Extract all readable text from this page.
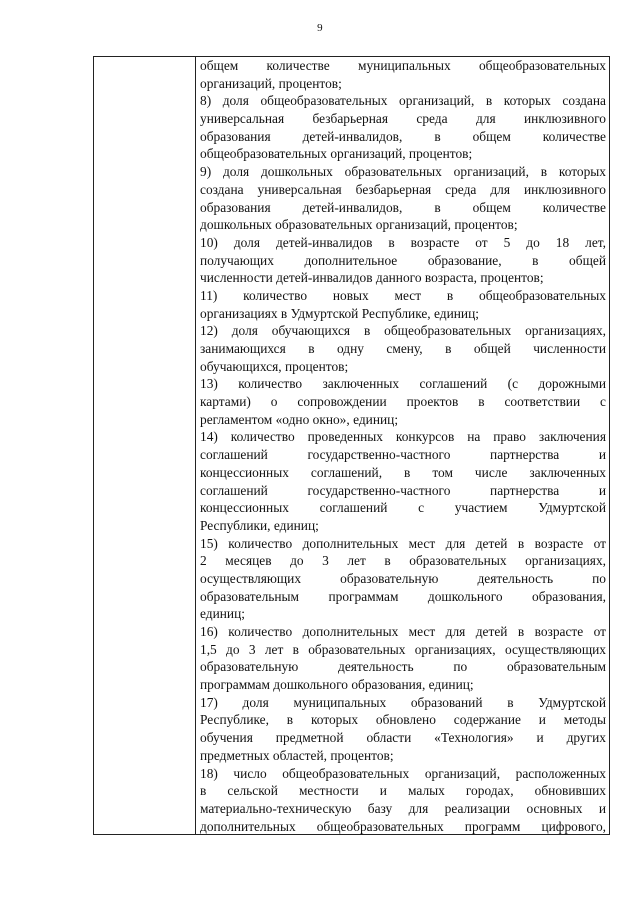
9
общем количестве муниципальных общеобразовательных
организаций, процентов;
8) доля общеобразовательных организаций, в которых создана
универсальная безбарьерная среда для инклюзивного
образования детей-инвалидов, в общем количестве
общеобразовательных организаций, процентов;
9) доля дошкольных образовательных организаций, в которых
создана универсальная безбарьерная среда для инклюзивного
образования детей-инвалидов, в общем количестве
дошкольных образовательных организаций, процентов;
10) доля детей-инвалидов в возрасте от 5 до 18 лет,
получающих дополнительное образование, в общей
численности детей-инвалидов данного возраста, процентов;
11) количество новых мест в общеобразовательных
организациях в Удмуртской Республике, единиц;
12) доля обучающихся в общеобразовательных организациях,
занимающихся в одну смену, в общей численности
обучающихся, процентов;
13) количество заключенных соглашений (с дорожными
картами) о сопровождении проектов в соответствии с
регламентом «одно окно», единиц;
14) количество проведенных конкурсов на право заключения
соглашений государственно-частного партнерства и
концессионных соглашений, в том числе заключенных
соглашений государственно-частного партнерства и
концессионных соглашений с участием Удмуртской
Республики, единиц;
15) количество дополнительных мест для детей в возрасте от
2 месяцев до 3 лет в образовательных организациях,
осуществляющих образовательную деятельность по
образовательным программам дошкольного образования,
единиц;
16) количество дополнительных мест для детей в возрасте от
1,5 до 3 лет в образовательных организациях, осуществляющих
образовательную деятельность по образовательным
программам дошкольного образования, единиц;
17) доля муниципальных образований в Удмуртской
Республике, в которых обновлено содержание и методы
обучения предметной области «Технология» и других
предметных областей, процентов;
18) число общеобразовательных организаций, расположенных
в сельской местности и малых городах, обновивших
материально-техническую базу для реализации основных и
дополнительных общеобразовательных программ цифрового,
